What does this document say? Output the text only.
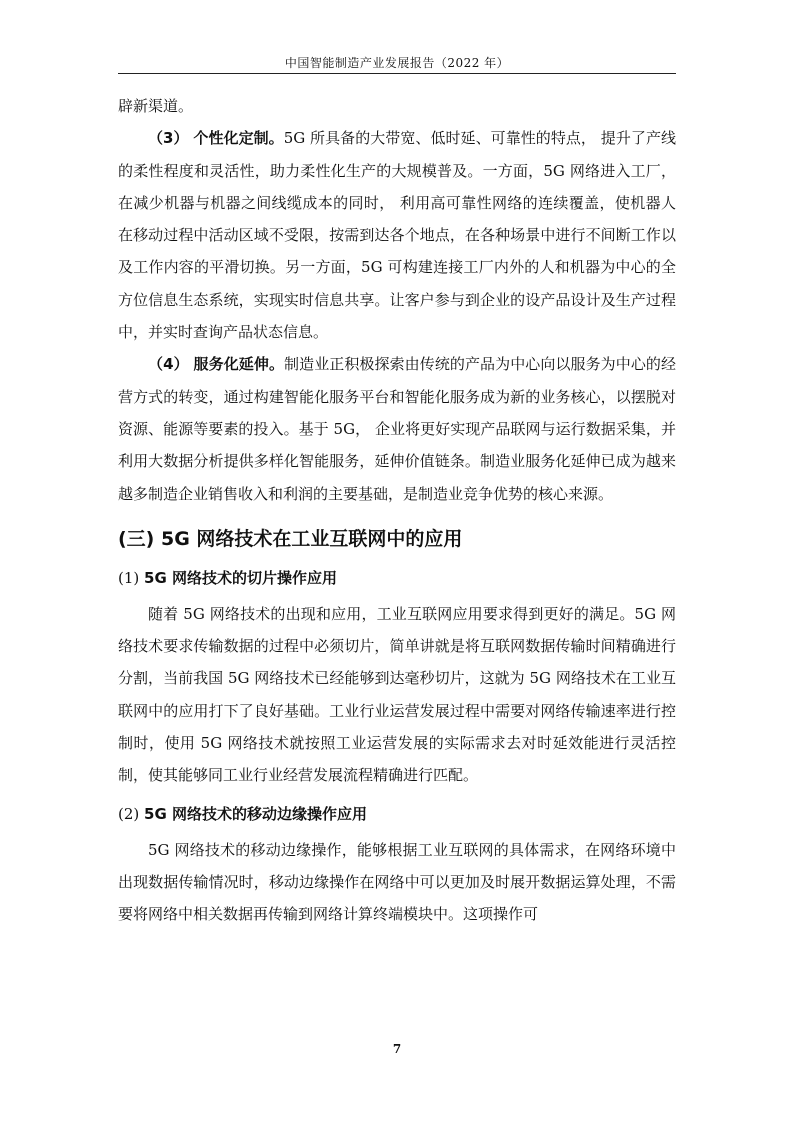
中国智能制造产业发展报告（2022 年）

辟新渠道。

（3） 个性化定制。5G 所具备的大带宽、低时延、可靠性的特点， 提升了产线的柔性程度和灵活性，助力柔性化生产的大规模普及。一方面，5G 网络进入工厂，在减少机器与机器之间线缆成本的同时， 利用高可靠性网络的连续覆盖，使机器人在移动过程中活动区域不受限，按需到达各个地点，在各种场景中进行不间断工作以及工作内容的平滑切换。另一方面，5G 可构建连接工厂内外的人和机器为中心的全方位信息生态系统，实现实时信息共享。让客户参与到企业的设产品设计及生产过程中，并实时查询产品状态信息。

（4） 服务化延伸。制造业正积极探索由传统的产品为中心向以服务为中心的经营方式的转变，通过构建智能化服务平台和智能化服务成为新的业务核心，以摆脱对资源、能源等要素的投入。基于 5G， 企业将更好实现产品联网与运行数据采集，并利用大数据分析提供多样化智能服务，延伸价值链条。制造业服务化延伸已成为越来越多制造企业销售收入和利润的主要基础，是制造业竞争优势的核心来源。

(三) 5G 网络技术在工业互联网中的应用
(1) 5G 网络技术的切片操作应用

随着 5G 网络技术的出现和应用，工业互联网应用要求得到更好的满足。5G 网络技术要求传输数据的过程中必须切片，简单讲就是将互联网数据传输时间精确进行分割，当前我国 5G 网络技术已经能够到达毫秒切片，这就为 5G 网络技术在工业互联网中的应用打下了良好基础。工业行业运营发展过程中需要对网络传输速率进行控制时，使用 5G 网络技术就按照工业运营发展的实际需求去对时延效能进行灵活控制，使其能够同工业行业经营发展流程精确进行匹配。

(2) 5G 网络技术的移动边缘操作应用

5G 网络技术的移动边缘操作，能够根据工业互联网的具体需求，在网络环境中出现数据传输情况时，移动边缘操作在网络中可以更加及时展开数据运算处理，不需要将网络中相关数据再传输到网络计算终端模块中。这项操作可

7
